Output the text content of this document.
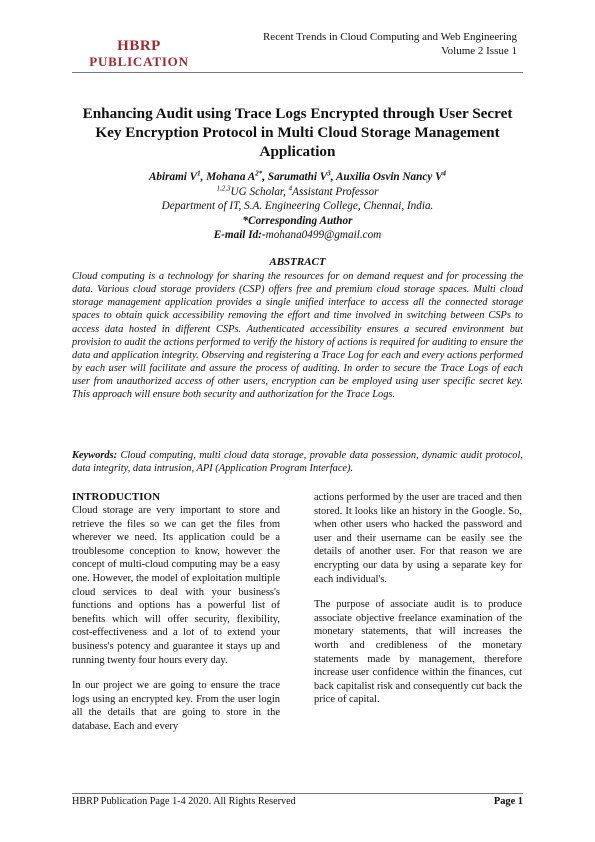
HBRP
PUBLICATION
Recent Trends in Cloud Computing and Web Engineering
Volume 2 Issue 1
Enhancing Audit using Trace Logs Encrypted through User Secret Key Encryption Protocol in Multi Cloud Storage Management Application
Abirami $V^1$, Mohana $A^{2*}$, Sarumathi $V^3$, Auxilia Osvin Nancy $V^4$
$^{1,2,3}$UG Scholar, $^4$Assistant Professor
Department of IT, S.A. Engineering College, Chennai, India.
*Corresponding Author
E-mail Id:-mohana0499@gmail.com
ABSTRACT
Cloud computing is a technology for sharing the resources for on demand request and for processing the data. Various cloud storage providers (CSP) offers free and premium cloud storage spaces. Multi cloud storage management application provides a single unified interface to access all the connected storage spaces to obtain quick accessibility removing the effort and time involved in switching between CSPs to access data hosted in different CSPs. Authenticated accessibility ensures a secured environment but provision to audit the actions performed to verify the history of actions is required for auditing to ensure the data and application integrity. Observing and registering a Trace Log for each and every actions performed by each user will facilitate and assure the process of auditing. In order to secure the Trace Logs of each user from unauthorized access of other users, encryption can be employed using user specific secret key. This approach will ensure both security and authorization for the Trace Logs.
Keywords: Cloud computing, multi cloud data storage, provable data possession, dynamic audit protocol, data integrity, data intrusion, API (Application Program Interface).
INTRODUCTION

Cloud storage are very important to store and retrieve the files so we can get the files from wherever we need. Its application could be a troublesome conception to know, however the concept of multi-cloud computing may be a easy one. However, the model of exploitation multiple cloud services to deal with your business's functions and options has a powerful list of benefits which will offer security, flexibility, cost-effectiveness and a lot of to extend your business's potency and guarantee it stays up and running twenty four hours every day.

In our project we are going to ensure the trace logs using an encrypted key. From the user login all the details that are going to store in the database. Each and every

actions performed by the user are traced and then stored. It looks like an history in the Google. So, when other users who hacked the password and user and their username can be easily see the details of another user. For that reason we are encrypting our data by using a separate key for each individual's.

The purpose of associate audit is to produce associate objective freelance examination of the monetary statements, that will increases the worth and credibleness of the monetary statements made by management, therefore increase user confidence within the finances, cut back capitalist risk and consequently cut back the price of capital.

HBRP Publication Page 1-4 2020. All Rights Reserved	Page 1
